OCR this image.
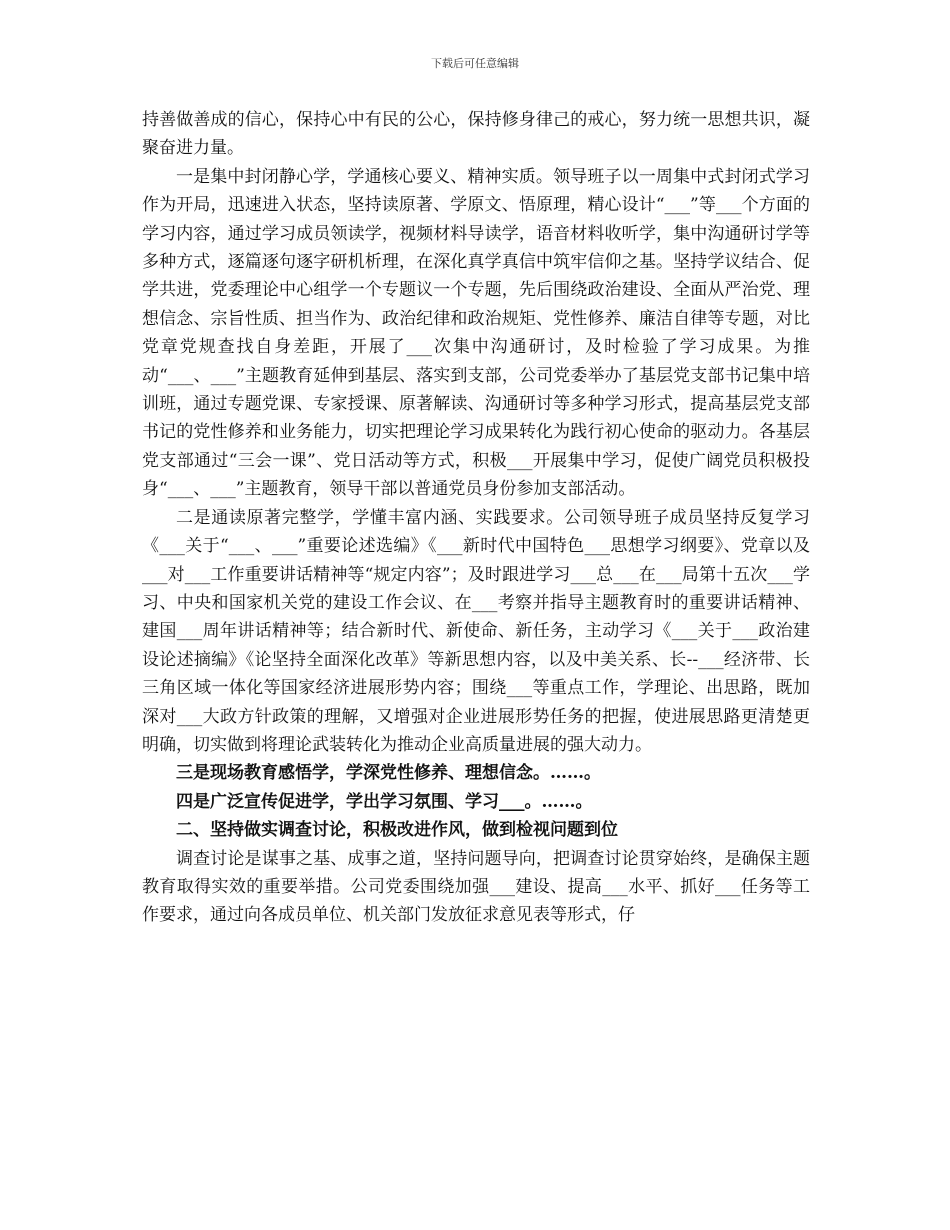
下载后可任意编辑

持善做善成的信心，保持心中有民的公心，保持修身律己的戒心，努力统一思想共识，凝聚奋进力量。

一是集中封闭静心学，学通核心要义、精神实质。领导班子以一周集中式封闭式学习作为开局，迅速进入状态，坚持读原著、学原文、悟原理，精心设计“___”等___个方面的学习内容，通过学习成员领读学，视频材料导读学，语音材料收听学，集中沟通研讨学等多种方式，逐篇逐句逐字研机析理，在深化真学真信中筑牢信仰之基。坚持学议结合、促学共进，党委理论中心组学一个专题议一个专题，先后围绕政治建设、全面从严治党、理想信念、宗旨性质、担当作为、政治纪律和政治规矩、党性修养、廉洁自律等专题，对比党章党规查找自身差距，开展了___次集中沟通研讨，及时检验了学习成果。为推动“___、___”主题教育延伸到基层、落实到支部，公司党委举办了基层党支部书记集中培训班，通过专题党课、专家授课、原著解读、沟通研讨等多种学习形式，提高基层党支部书记的党性修养和业务能力，切实把理论学习成果转化为践行初心使命的驱动力。各基层党支部通过“三会一课”、党日活动等方式，积极___开展集中学习，促使广阔党员积极投身“___、___”主题教育，领导干部以普通党员身份参加支部活动。

二是通读原著完整学，学懂丰富内涵、实践要求。公司领导班子成员坚持反复学习《___关于“___、___”重要论述选编》《___新时代中国特色___思想学习纲要》、党章以及___对___工作重要讲话精神等“规定内容”；及时跟进学习___总___在___局第十五次___学习、中央和国家机关党的建设工作会议、在___考察并指导主题教育时的重要讲话精神、建国___周年讲话精神等；结合新时代、新使命、新任务，主动学习《___关于___政治建设论述摘编》《论坚持全面深化改革》等新思想内容，以及中美关系、长--___经济带、长三角区域一体化等国家经济进展形势内容；围绕___等重点工作，学理论、出思路，既加深对___大政方针政策的理解，又增强对企业进展形势任务的把握，使进展思路更清楚更明确，切实做到将理论武装转化为推动企业高质量进展的强大动力。

三是现场教育感悟学，学深党性修养、理想信念。……。

四是广泛宣传促进学，学出学习氛围、学习___。……。

二、坚持做实调查讨论，积极改进作风，做到检视问题到位

调查讨论是谋事之基、成事之道，坚持问题导向，把调查讨论贯穿始终，是确保主题教育取得实效的重要举措。公司党委围绕加强___建设、提高___水平、抓好___任务等工作要求，通过向各成员单位、机关部门发放征求意见表等形式，仔
